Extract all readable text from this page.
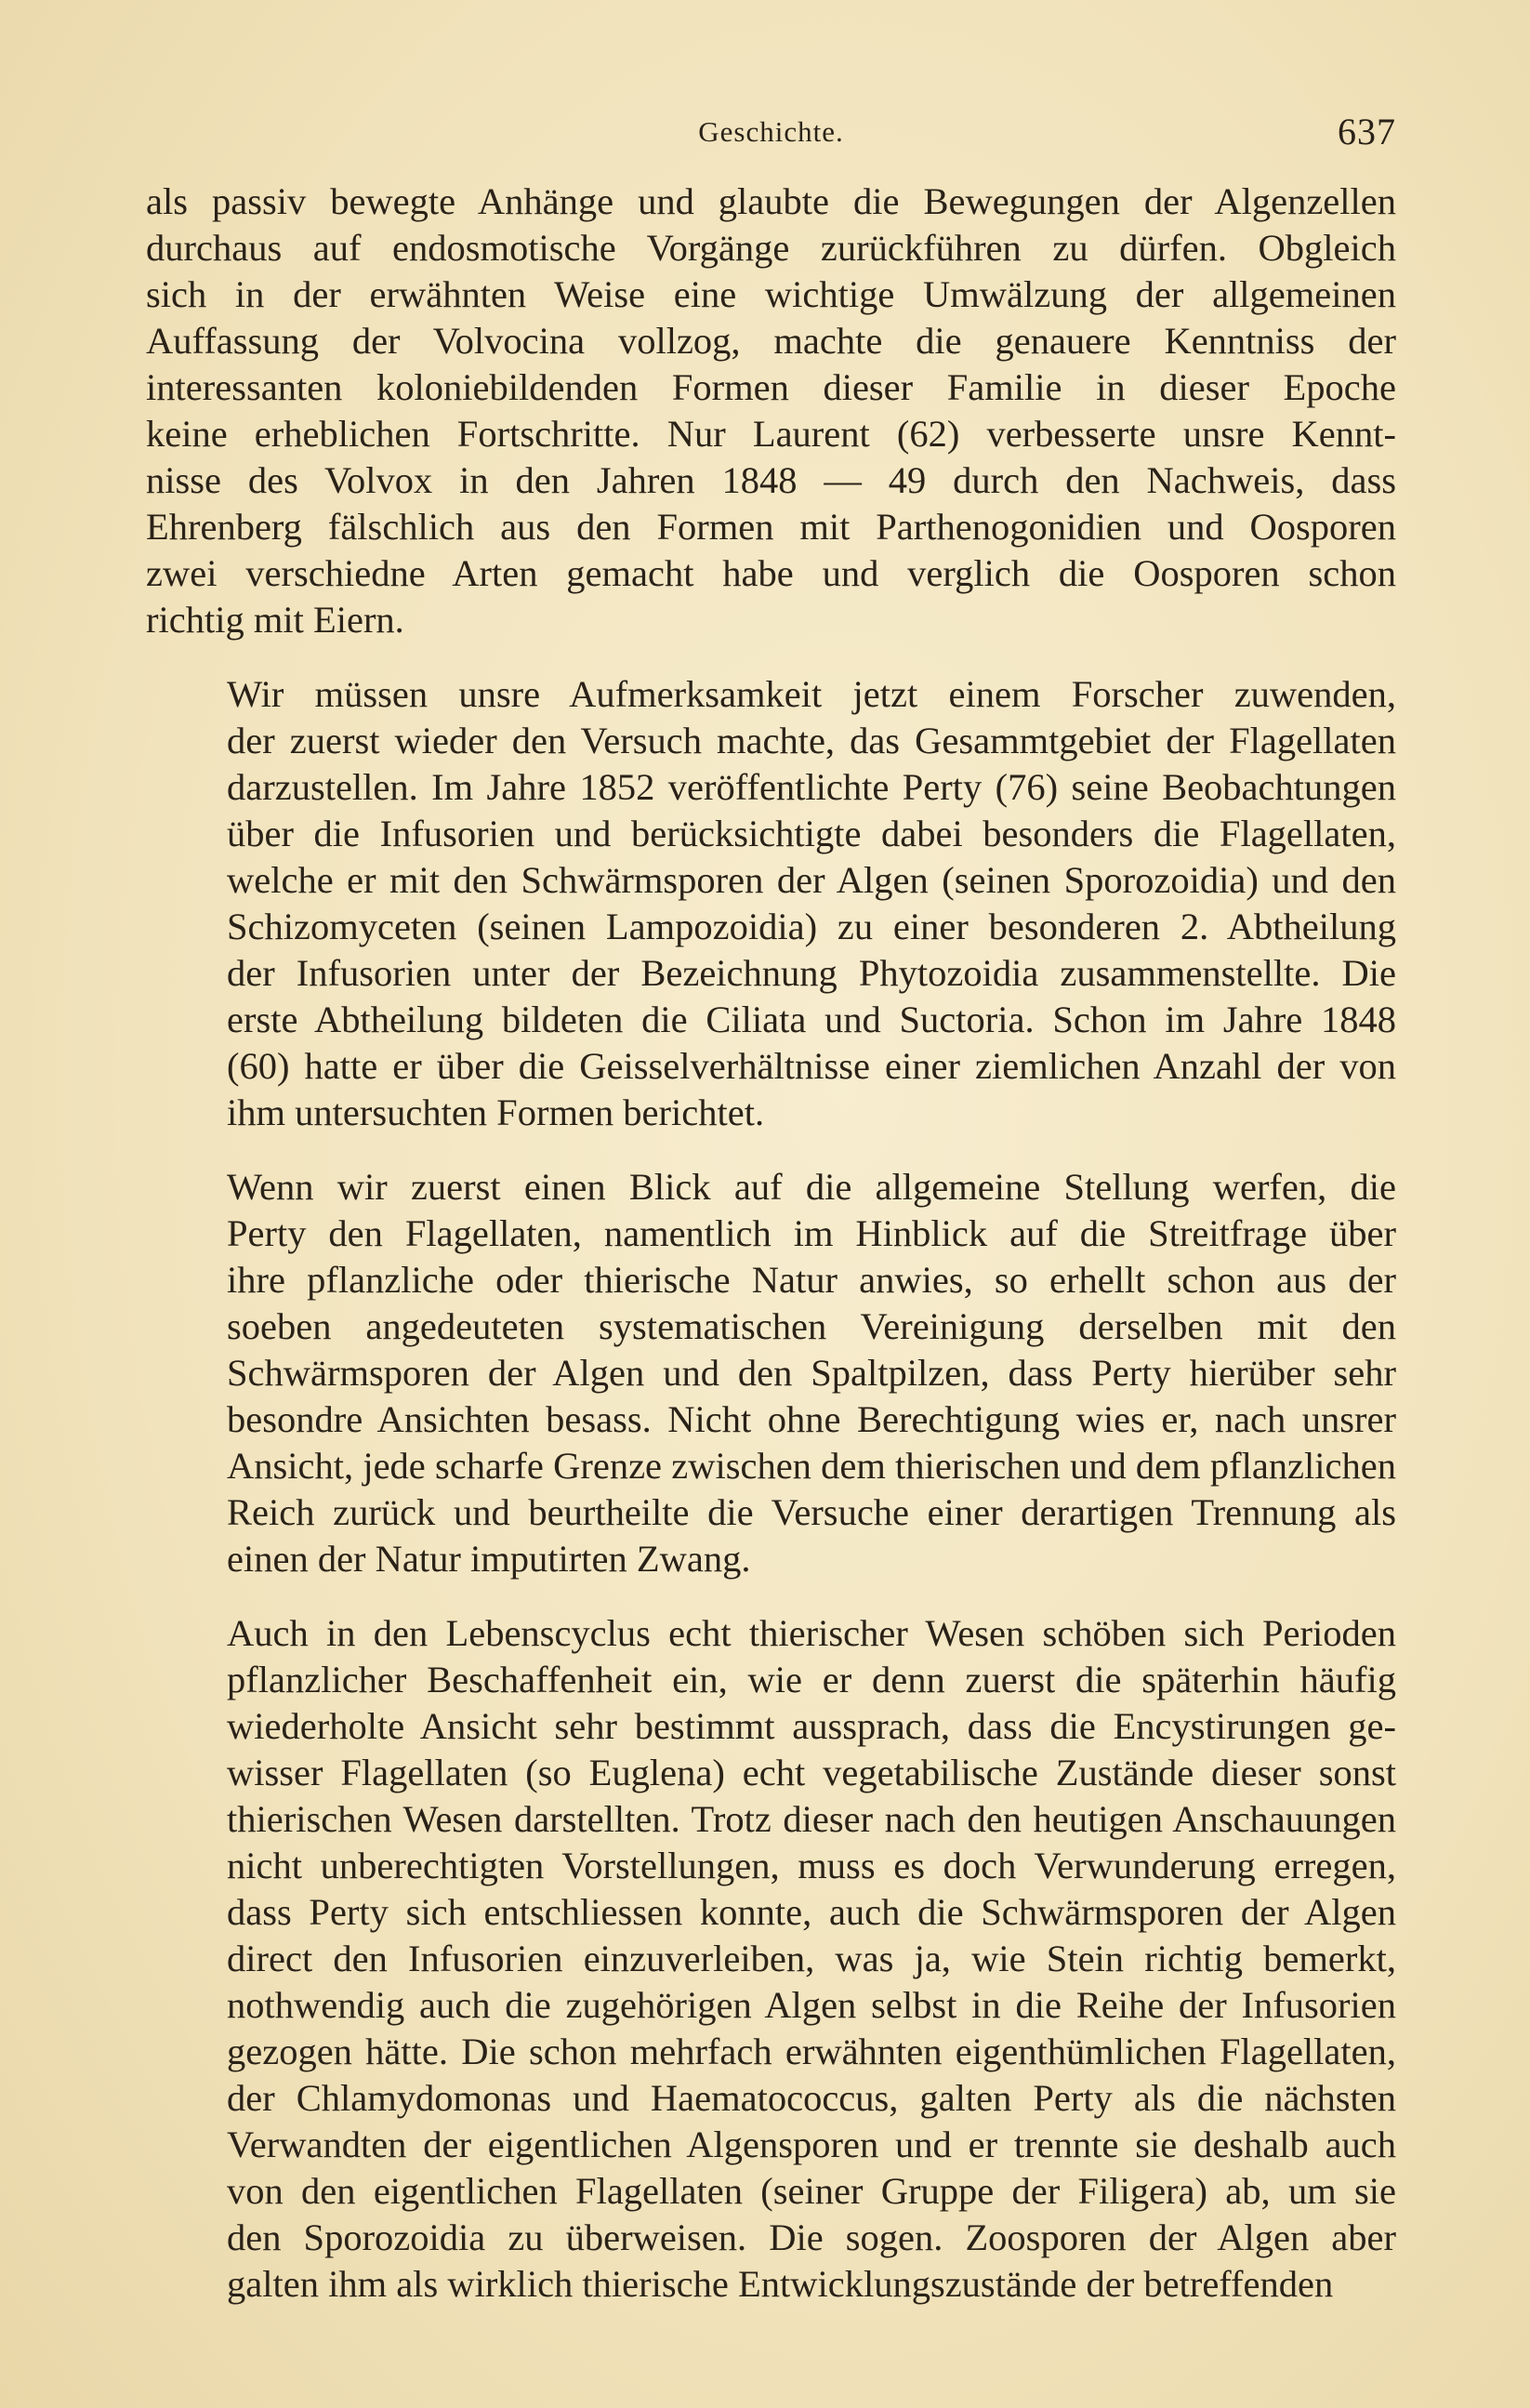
Geschichte.	637

als passiv bewegte Anhänge und glaubte die Bewegungen der Algenzellen
durchaus auf endosmotische Vorgänge zurückführen zu dürfen. Obgleich
sich in der erwähnten Weise eine wichtige Umwälzung der allgemeinen
Auffassung der Volvocina vollzog, machte die genauere Kenntniss der
interessanten koloniebildenden Formen dieser Familie in dieser Epoche
keine erheblichen Fortschritte. Nur Laurent (62) verbesserte unsre Kennt-
nisse des Volvox in den Jahren 1848 — 49 durch den Nachweis, dass
Ehrenberg fälschlich aus den Formen mit Parthenogonidien und Oosporen
zwei verschiedne Arten gemacht habe und verglich die Oosporen schon
richtig mit Eiern.

Wir müssen unsre Aufmerksamkeit jetzt einem Forscher zuwenden,
der zuerst wieder den Versuch machte, das Gesammtgebiet der Flagellaten
darzustellen. Im Jahre 1852 veröffentlichte Perty (76) seine Beobachtungen
über die Infusorien und berücksichtigte dabei besonders die Flagellaten,
welche er mit den Schwärmsporen der Algen (seinen Sporozoidia) und den
Schizomyceten (seinen Lampozoidia) zu einer besonderen 2. Abtheilung
der Infusorien unter der Bezeichnung Phytozoidia zusammenstellte. Die
erste Abtheilung bildeten die Ciliata und Suctoria. Schon im Jahre 1848
(60) hatte er über die Geisselverhältnisse einer ziemlichen Anzahl der von
ihm untersuchten Formen berichtet.

Wenn wir zuerst einen Blick auf die allgemeine Stellung werfen, die
Perty den Flagellaten, namentlich im Hinblick auf die Streitfrage über
ihre pflanzliche oder thierische Natur anwies, so erhellt schon aus der
soeben angedeuteten systematischen Vereinigung derselben mit den
Schwärmsporen der Algen und den Spaltpilzen, dass Perty hierüber sehr
besondre Ansichten besass. Nicht ohne Berechtigung wies er, nach unsrer
Ansicht, jede scharfe Grenze zwischen dem thierischen und dem pflanzlichen
Reich zurück und beurtheilte die Versuche einer derartigen Trennung als
einen der Natur imputirten Zwang.

Auch in den Lebenscyclus echt thierischer Wesen schöben sich Perioden
pflanzlicher Beschaffenheit ein, wie er denn zuerst die späterhin häufig
wiederholte Ansicht sehr bestimmt aussprach, dass die Encystirungen ge-
wisser Flagellaten (so Euglena) echt vegetabilische Zustände dieser sonst
thierischen Wesen darstellten. Trotz dieser nach den heutigen Anschauungen
nicht unberechtigten Vorstellungen, muss es doch Verwunderung erregen,
dass Perty sich entschliessen konnte, auch die Schwärmsporen der Algen
direct den Infusorien einzuverleiben, was ja, wie Stein richtig bemerkt,
nothwendig auch die zugehörigen Algen selbst in die Reihe der Infusorien
gezogen hätte. Die schon mehrfach erwähnten eigenthümlichen Flagellaten,
der Chlamydomonas und Haematococcus, galten Perty als die nächsten
Verwandten der eigentlichen Algensporen und er trennte sie deshalb auch
von den eigentlichen Flagellaten (seiner Gruppe der Filigera) ab, um sie
den Sporozoidia zu überweisen. Die sogen. Zoosporen der Algen aber
galten ihm als wirklich thierische Entwicklungszustände der betreffenden
